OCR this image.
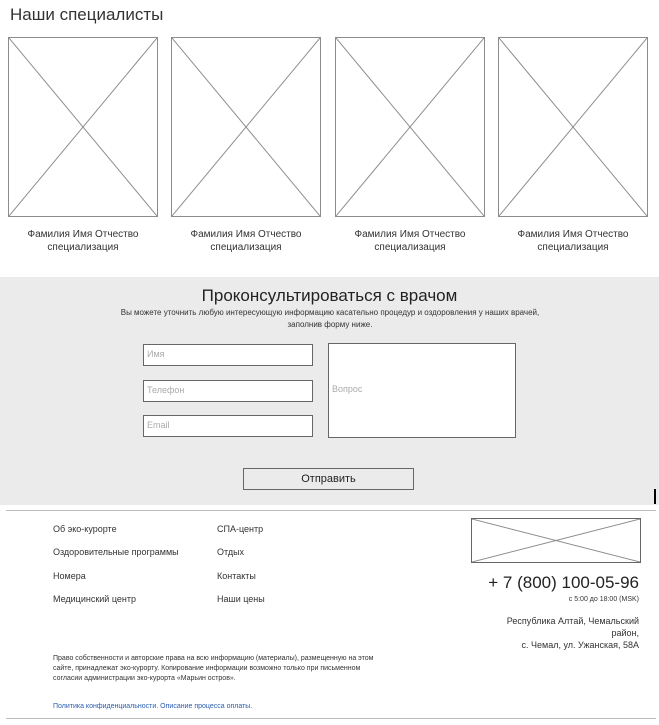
Наши специалисты
Фамилия Имя Отчество
специализация
Фамилия Имя Отчество
специализация
Фамилия Имя Отчество
специализация
Фамилия Имя Отчество
специализация
Проконсультироваться с врачом
Вы можете уточнить любую интересующую информацию касательно процедур и оздоровления у наших врачей, заполнив форму ниже.
Имя
Телефон
Email
Вопрос
Отправить
Об эко-курорте
Оздоровительные программы
Номера
Медицинский центр
СПА-центр
Отдых
Контакты
Наши цены
+ 7 (800) 100-05-96
с 5:00 до 18:00 (MSK)
Республика Алтай, Чемальский район,
с. Чемал, ул. Ужанская, 58А
Право собственности и авторские права на всю информацию (материалы), размещенную на этом сайте, принадлежат эко-курорту. Копирование информации возможно только при письменном согласии администрации эко-курорта «Марьин остров».
Политика конфиденциальности. Описание процесса оплаты.
